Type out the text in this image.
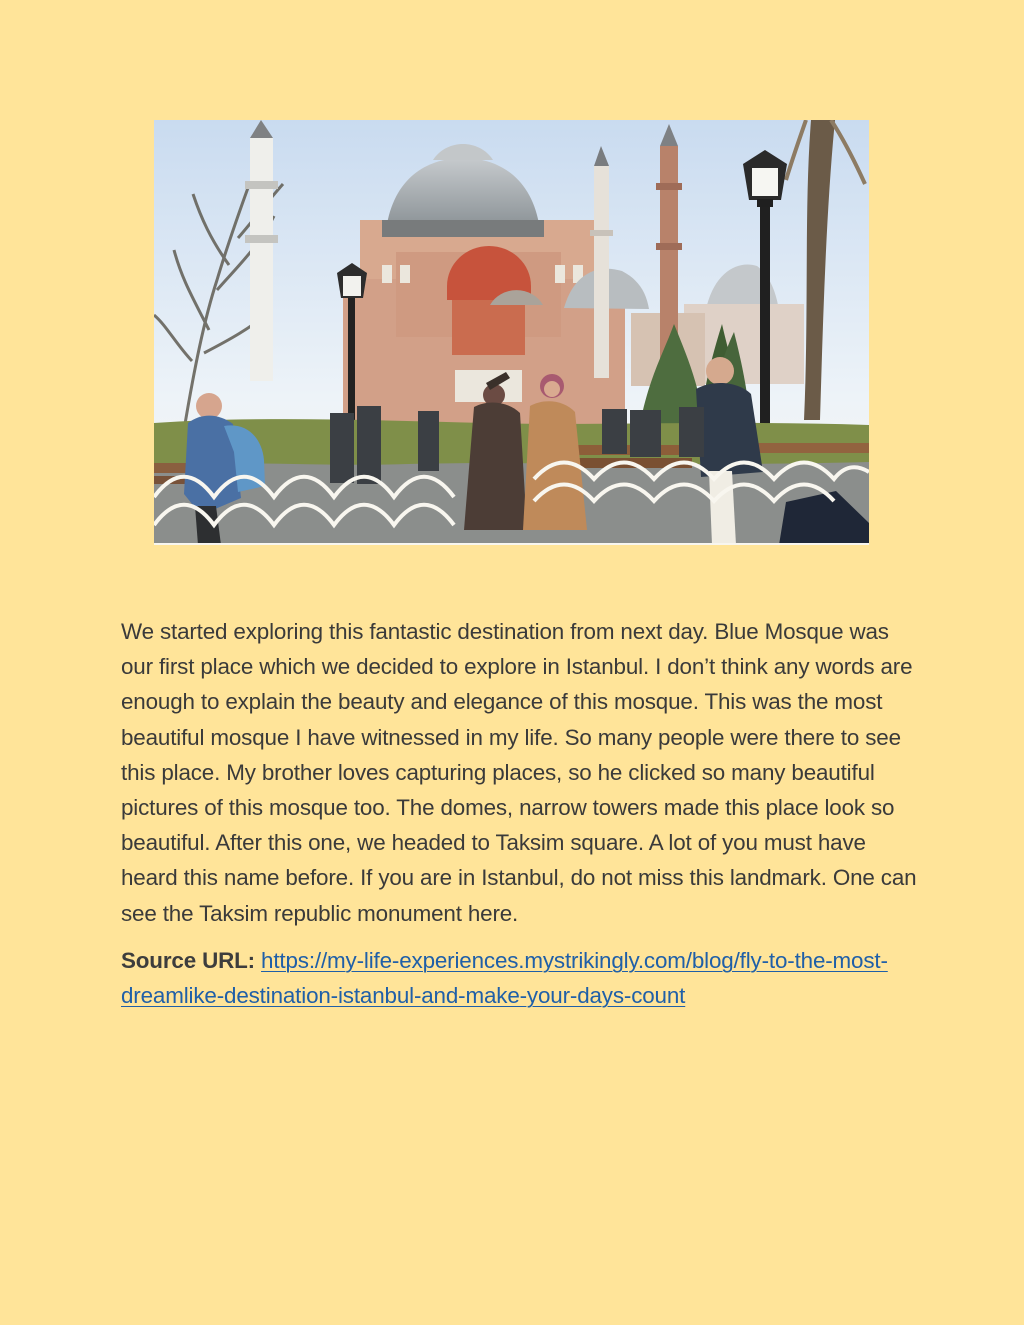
We started exploring this fantastic destination from next day. Blue Mosque was our first place which we decided to explore in Istanbul. I don’t think any words are enough to explain the beauty and elegance of this mosque. This was the most beautiful mosque I have witnessed in my life. So many people were there to see this place. My brother loves capturing places, so he clicked so many beautiful pictures of this mosque too. The domes, narrow towers made this place look so beautiful. After this one, we headed to Taksim square. A lot of you must have heard this name before. If you are in Istanbul, do not miss this landmark. One can see the Taksim republic monument here.

Source URL: https://my-life-experiences.mystrikingly.com/blog/fly-to-the-most-dreamlike-destination-istanbul-and-make-your-days-count
